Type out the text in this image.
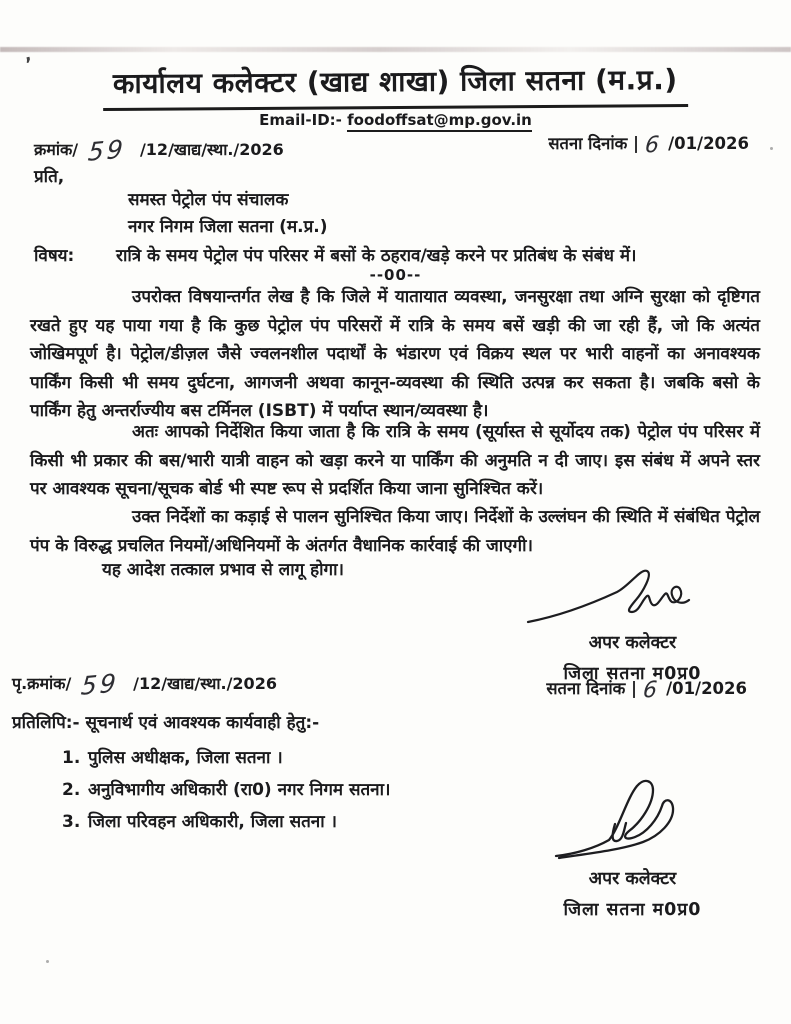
’	कार्यालय कलेक्टर (खाद्य शाखा) जिला सतना (म.प्र.)
Email-ID:- foodoffsat@mp.gov.in
क्रमांक/ 59 /12/खाद्य/स्था./2026	सतना दिनांक | 6 /01/2026
प्रति,
समस्त पेट्रोल पंप संचालक
नगर निगम जिला सतना (म.प्र.)
विषय:	रात्रि के समय पेट्रोल पंप परिसर में बसों के ठहराव/खड़े करने पर प्रतिबंध के संबंध में।
--00--
उपरोक्त विषयान्तर्गत लेख है कि जिले में यातायात व्यवस्था, जनसुरक्षा तथा अग्नि सुरक्षा को दृष्टिगत रखते हुए यह पाया गया है कि कुछ पेट्रोल पंप परिसरों में रात्रि के समय बसें खड़ी की जा रही हैं, जो कि अत्यंत जोखिमपूर्ण है। पेट्रोल/डीज़ल जैसे ज्वलनशील पदार्थों के भंडारण एवं विक्रय स्थल पर भारी वाहनों का अनावश्यक पार्किंग किसी भी समय दुर्घटना, आगजनी अथवा कानून-व्यवस्था की स्थिति उत्पन्न कर सकता है। जबकि बसो के पार्किंग हेतु अन्तर्राज्यीय बस टर्मिनल (ISBT) में पर्याप्त स्थान/व्यवस्था है।
अतः आपको निर्देशित किया जाता है कि रात्रि के समय (सूर्यास्त से सूर्योदय तक) पेट्रोल पंप परिसर में किसी भी प्रकार की बस/भारी यात्री वाहन को खड़ा करने या पार्किंग की अनुमति न दी जाए। इस संबंध में अपने स्तर पर आवश्यक सूचना/सूचक बोर्ड भी स्पष्ट रूप से प्रदर्शित किया जाना सुनिश्चित करें।
उक्त निर्देशों का कड़ाई से पालन सुनिश्चित किया जाए। निर्देशों के उल्लंघन की स्थिति में संबंधित पेट्रोल पंप के विरुद्ध प्रचलित नियमों/अधिनियमों के अंतर्गत वैधानिक कार्रवाई की जाएगी।
यह आदेश तत्काल प्रभाव से लागू होगा।
अपर कलेक्टर
जिला सतना म0प्र0
सतना दिनांक | 6 /01/2026
पृ.क्रमांक/ 59 /12/खाद्य/स्था./2026
प्रतिलिपि:- सूचनार्थ एवं आवश्यक कार्यवाही हेतु:-
1. पुलिस अधीक्षक, जिला सतना ।
2. अनुविभागीय अधिकारी (रा0) नगर निगम सतना।
3. जिला परिवहन अधिकारी, जिला सतना ।
अपर कलेक्टर
जिला सतना म0प्र0
